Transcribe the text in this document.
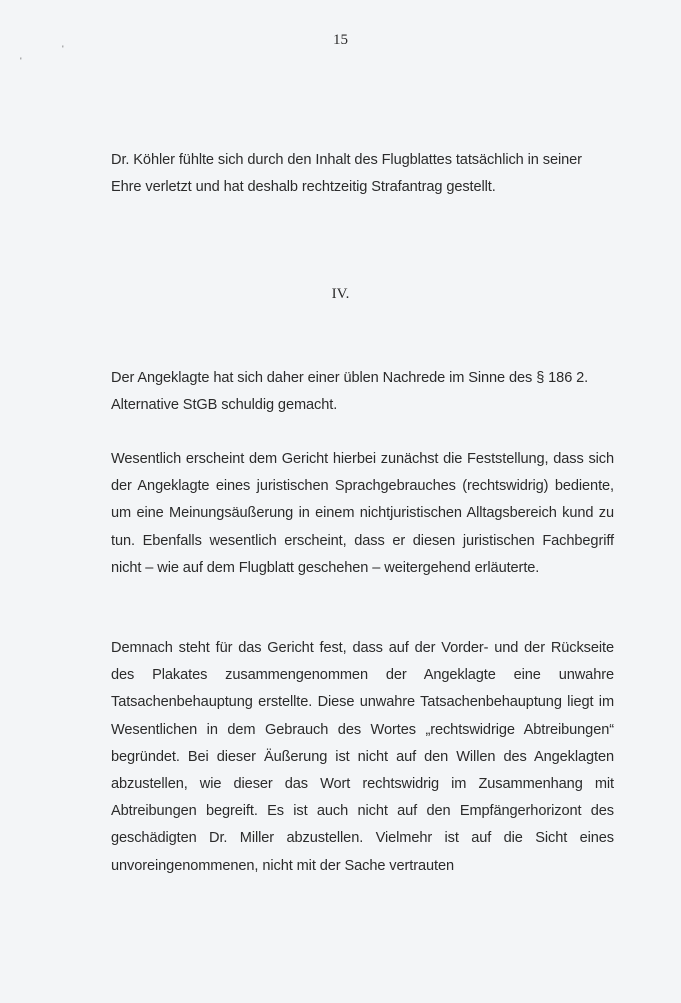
15
'
'

Dr. Köhler fühlte sich durch den Inhalt des Flugblattes tatsächlich in seiner Ehre verletzt und hat deshalb rechtzeitig Strafantrag gestellt.

IV.

Der Angeklagte hat sich daher einer üblen Nachrede im Sinne des § 186 2. Alternative StGB schuldig gemacht.

Wesentlich erscheint dem Gericht hierbei zunächst die Feststellung, dass sich der Angeklagte eines juristischen Sprachgebrauches (rechtswidrig) bediente, um eine Meinungsäußerung in einem nichtjuristischen Alltagsbereich kund zu tun. Ebenfalls wesentlich erscheint, dass er diesen juristischen Fachbegriff nicht – wie auf dem Flugblatt geschehen – weitergehend erläuterte.

Demnach steht für das Gericht fest, dass auf der Vorder- und der Rückseite des Plakates zusammengenommen der Angeklagte eine unwahre Tatsachenbehauptung erstellte. Diese unwahre Tatsachenbehauptung liegt im Wesentlichen in dem Gebrauch des Wortes „rechtswidrige Abtreibungen“ begründet. Bei dieser Äußerung ist nicht auf den Willen des Angeklagten abzustellen, wie dieser das Wort rechtswidrig im Zusammenhang mit Abtreibungen begreift. Es ist auch nicht auf den Empfängerhorizont des geschädigten Dr. Miller abzustellen. Vielmehr ist auf die Sicht eines unvoreingenommenen, nicht mit der Sache vertrauten
